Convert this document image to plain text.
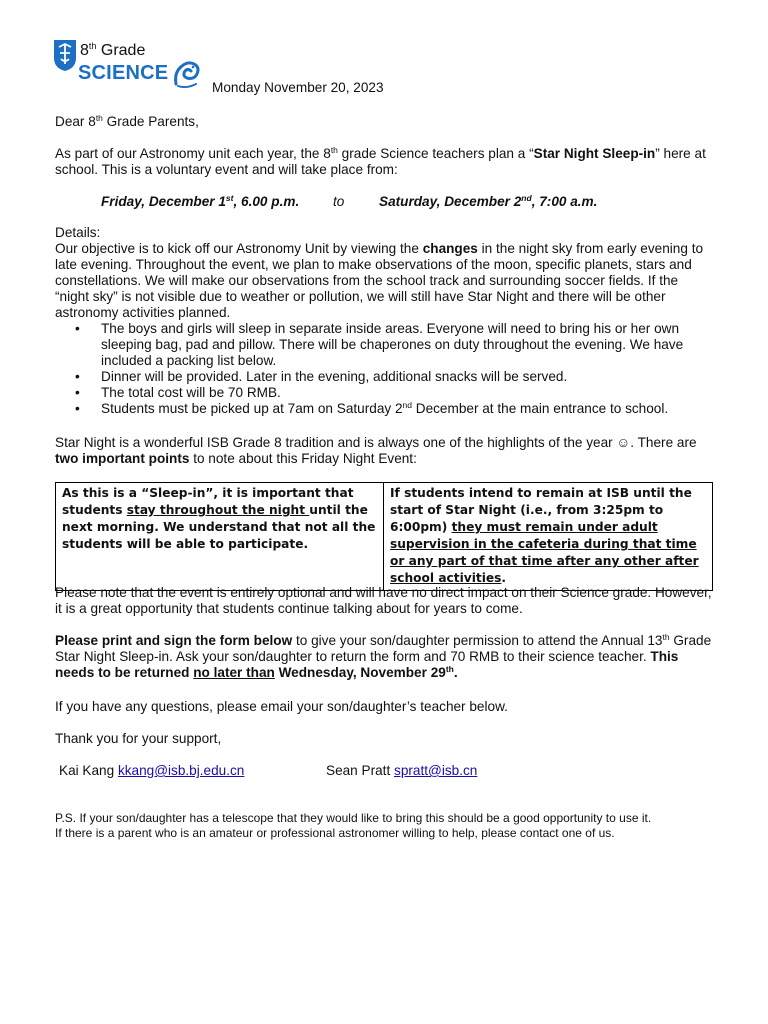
8th Grade
SCIENCE

Monday November 20, 2023

Dear 8th Grade Parents,

As part of our Astronomy unit each year, the 8th grade Science teachers plan a “Star Night Sleep-in” here at school. This is a voluntary event and will take place from:

Friday, December 1st, 6.00 p.m. to	Saturday, December 2nd, 7:00 a.m.

Details:

Our objective is to kick off our Astronomy Unit by viewing the changes in the night sky from early evening to late evening. Throughout the event, we plan to make observations of the moon, specific planets, stars and constellations. We will make our observations from the school track and surrounding soccer fields. If the “night sky” is not visible due to weather or pollution, we will still have Star Night and there will be other astronomy activities planned.

• The boys and girls will sleep in separate inside areas. Everyone will need to bring his or her own sleeping bag, pad and pillow. There will be chaperones on duty throughout the evening. We have included a packing list below.
• Dinner will be provided. Later in the evening, additional snacks will be served.
• The total cost will be 70 RMB.
• Students must be picked up at 7am on Saturday 2nd December at the main entrance to school.

Star Night is a wonderful ISB Grade 8 tradition and is always one of the highlights of the year ☺. There are two important points to note about this Friday Night Event:

As this is a “Sleep-in”, it is important that students stay throughout the night until the next morning. We understand that not all the students will be able to participate.	If students intend to remain at ISB until the start of Star Night (i.e., from 3:25pm to 6:00pm) they must remain under adult supervision in the cafeteria during that time or any part of that time after any other after school activities.

Please note that the event is entirely optional and will have no direct impact on their Science grade. However, it is a great opportunity that students continue talking about for years to come.

Please print and sign the form below to give your son/daughter permission to attend the Annual 13th Grade Star Night Sleep-in. Ask your son/daughter to return the form and 70 RMB to their science teacher. This needs to be returned no later than Wednesday, November 29th.

If you have any questions, please email your son/daughter’s teacher below.

Thank you for your support,

Kai Kang kkang@isb.bj.edu.cn	Sean Pratt spratt@isb.cn

P.S. If your son/daughter has a telescope that they would like to bring this should be a good opportunity to use it.

If there is a parent who is an amateur or professional astronomer willing to help, please contact one of us.
